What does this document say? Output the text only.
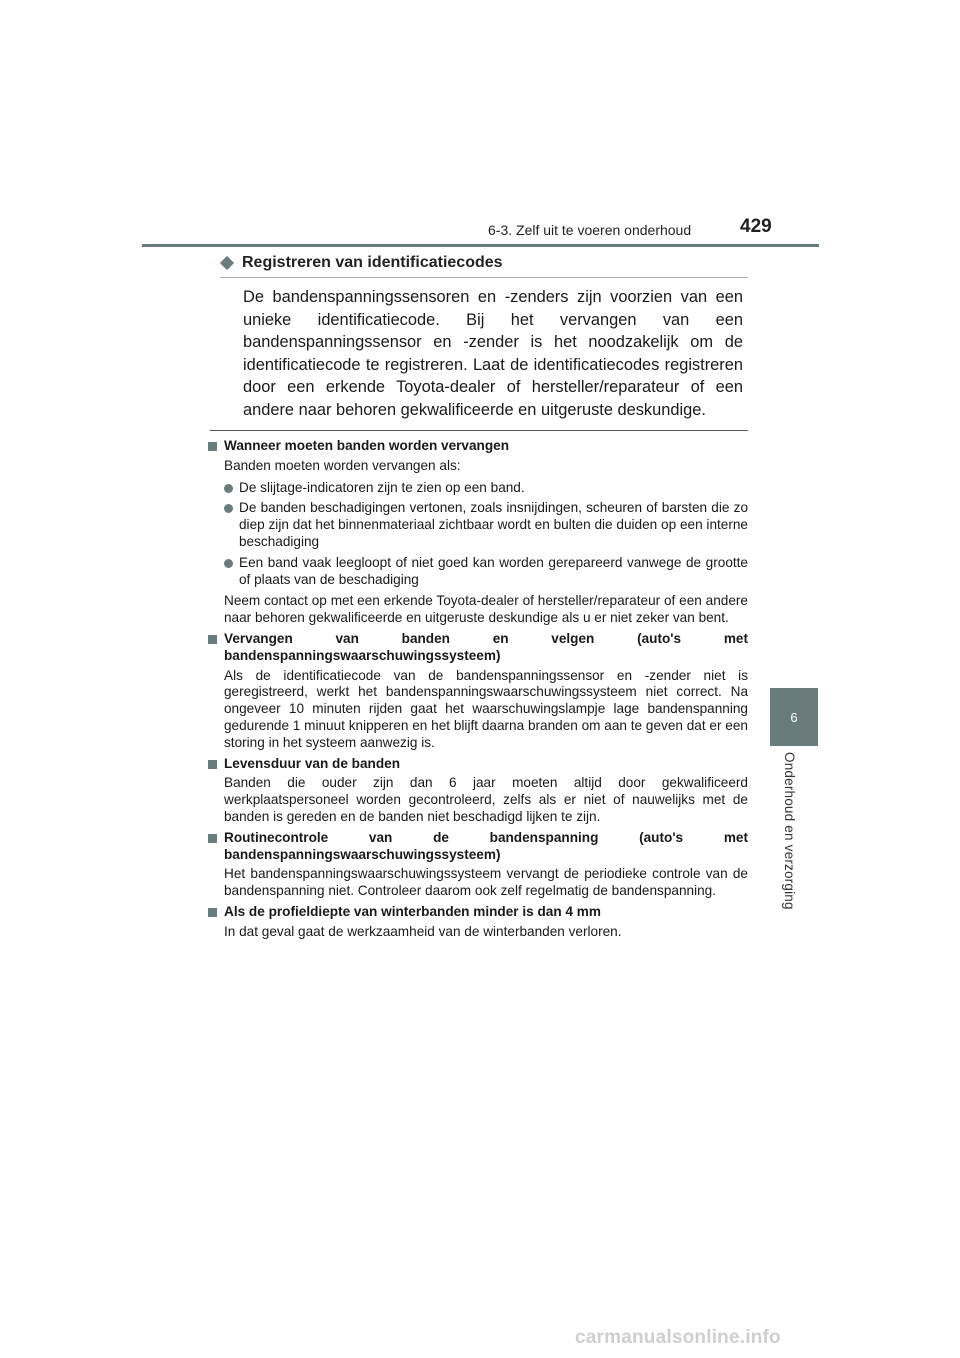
6-3. Zelf uit te voeren onderhoud	429
6
Onderhoud en verzorging
Registreren van identificatiecodes

De bandenspanningssensoren en -zenders zijn voorzien van een unieke identificatiecode. Bij het vervangen van een bandenspanningssensor en -zender is het noodzakelijk om de identificatiecode te registreren. Laat de identificatiecodes registreren door een erkende Toyota-dealer of hersteller/reparateur of een andere naar behoren gekwalificeerde en uitgeruste deskundige.

Wanneer moeten banden worden vervangen
Banden moeten worden vervangen als:
De slijtage-indicatoren zijn te zien op een band.
De banden beschadigingen vertonen, zoals insnijdingen, scheuren of barsten die zo diep zijn dat het binnenmateriaal zichtbaar wordt en bulten die duiden op een interne beschadiging
Een band vaak leegloopt of niet goed kan worden gerepareerd vanwege de grootte of plaats van de beschadiging
Neem contact op met een erkende Toyota-dealer of hersteller/reparateur of een andere naar behoren gekwalificeerde en uitgeruste deskundige als u er niet zeker van bent.
Vervangen van banden en velgen (auto's met bandenspanningswaarschuwingssysteem)
Als de identificatiecode van de bandenspanningssensor en -zender niet is geregistreerd, werkt het bandenspanningswaarschuwingssysteem niet correct. Na ongeveer 10 minuten rijden gaat het waarschuwingslampje lage bandenspanning gedurende 1 minuut knipperen en het blijft daarna branden om aan te geven dat er een storing in het systeem aanwezig is.
Levensduur van de banden
Banden die ouder zijn dan 6 jaar moeten altijd door gekwalificeerd werkplaatspersoneel worden gecontroleerd, zelfs als er niet of nauwelijks met de banden is gereden en de banden niet beschadigd lijken te zijn.
Routinecontrole van de bandenspanning (auto's met bandenspanningswaarschuwingssysteem)
Het bandenspanningswaarschuwingssysteem vervangt de periodieke controle van de bandenspanning niet. Controleer daarom ook zelf regelmatig de bandenspanning.
Als de profieldiepte van winterbanden minder is dan 4 mm
In dat geval gaat de werkzaamheid van de winterbanden verloren.
carmanualsonline.info
